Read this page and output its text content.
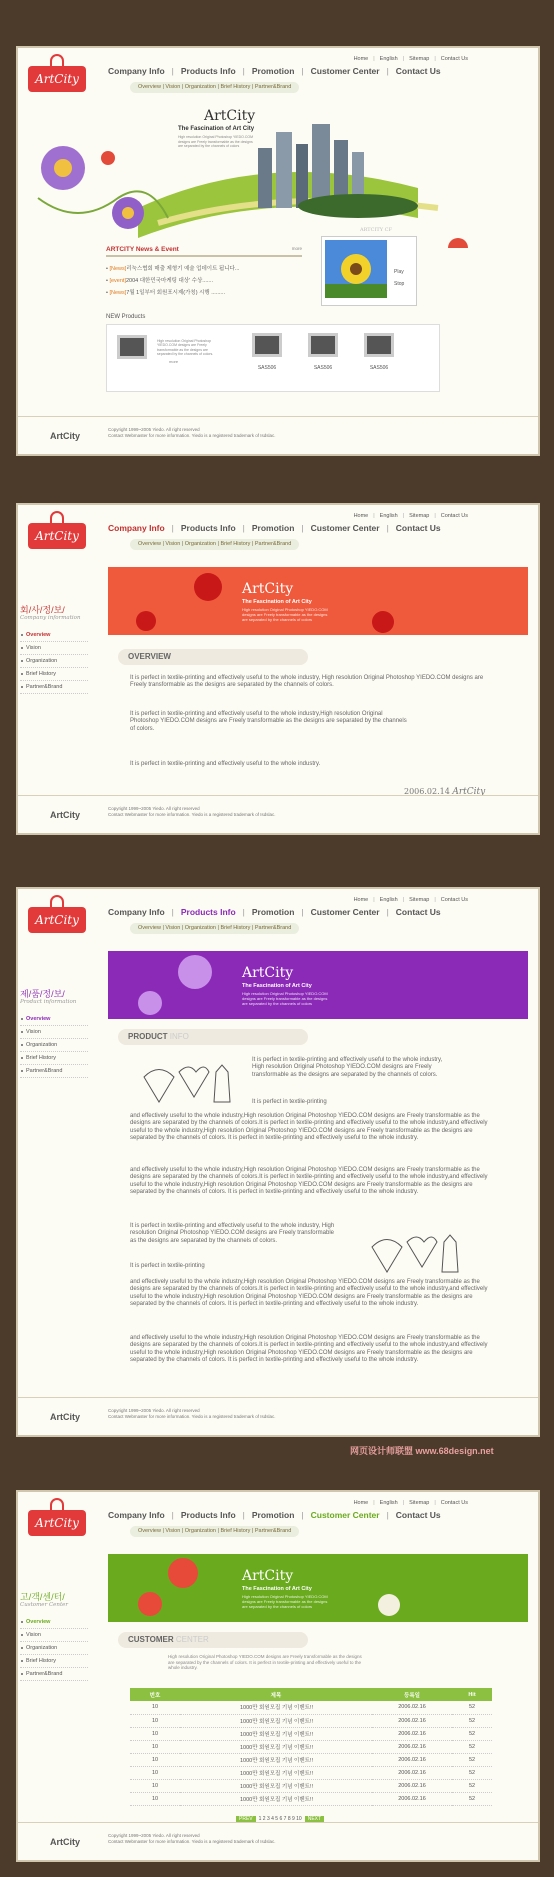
Home | English | Sitemap | Contact Us
ArtCity
Company Info | Products Info | Promotion | Customer Center | Contact Us
Overview | Vision | Organization | Brief History | Partner&Brand
ArtCity
The Fascination of Art City
High resolution Original Photoshop YIEDO.COM designs are Freely transformable as the designs are separated by the channels of colors
ARTCITY News & Event	more
• [News]리눅스협회 매출 제형기 예술 업데이트 됩니다...
• [event]2004 대한민국마케팅 대상' 수상.......
• [News]7월 1일부터 회원포시제(가칭) 시행 .........
ARTCITY CF
Play
Stop
NEW Products
High resolution Original Photoshop YIEDO.COM designs are Freely transformable as the designs are separated by the channels of colors.
more
SAS506	SAS506	SAS506
ArtCity
Copyright 1999~2005 Yiedo. All right reserved
Contact Webmaster for more information. Yiedo is a registered trademark of Isdslac.
Home | English | Sitemap | Contact Us
ArtCity
Company Info | Products Info | Promotion | Customer Center | Contact Us
Overview | Vision | Organization | Brief History | Partner&Brand
ArtCity
The Fascination of Art City
High resolution Original Photoshop YIEDO.COM designs are Freely transformable as the designs are separated by the channels of colors
회/사/정/보/
Company information
Overview
Vision
Organization
Brief History
Partner&Brand
OVERVIEW
It is perfect in textile-printing and effectively useful to the whole industry, High resolution Original Photoshop YIEDO.COM designs are Freely transformable as the designs are separated by the channels of colors.
It is perfect in textile-printing and effectively useful to the whole industry,High resolution Original Photoshop YIEDO.COM designs are Freely transformable as the designs are separated by the channels of colors.
It is perfect in textile-printing and effectively useful to the whole industry.
2006.02.14 ArtCity
ArtCity
Copyright 1999~2005 Yiedo. All right reserved
Contact Webmaster for more information. Yiedo is a registered trademark of Isdslac.
Home | English | Sitemap | Contact Us
ArtCity
Company Info | Products Info | Promotion | Customer Center | Contact Us
Overview | Vision | Organization | Brief History | Partner&Brand
ArtCity
The Fascination of Art City
High resolution Original Photoshop YIEDO.COM designs are Freely transformable as the designs are separated by the channels of colors
제/품/정/보/
Product information
Overview
Vision
Organization
Brief History
Partner&Brand
PRODUCT INFO
It is perfect in textile-printing and effectively useful to the whole industry, High resolution Original Photoshop YIEDO.COM designs are Freely transformable as the designs are separated by the channels of colors.
It is perfect in textile-printing
and effectively useful to the whole industry,High resolution Original Photoshop YIEDO.COM designs are Freely transformable as the designs are separated by the channels of colors.It is perfect in textile-printing and effectively useful to the whole industry,and effectively useful to the whole industry,High resolution Original Photoshop YIEDO.COM designs are Freely transformable as the designs are separated by the channels of colors. It is perfect in textile-printing and effectively useful to the whole industry.
and effectively useful to the whole industry,High resolution Original Photoshop YIEDO.COM designs are Freely transformable as the designs are separated by the channels of colors.It is perfect in textile-printing and effectively useful to the whole industry,and effectively useful to the whole industry,High resolution Original Photoshop YIEDO.COM designs are Freely transformable as the designs are separated by the channels of colors. It is perfect in textile-printing and effectively useful to the whole industry.
It is perfect in textile-printing and effectively useful to the whole industry, High resolution Original Photoshop YIEDO.COM designs are Freely transformable as the designs are separated by the channels of colors.
It is perfect in textile-printing
and effectively useful to the whole industry,High resolution Original Photoshop YIEDO.COM designs are Freely transformable as the designs are separated by the channels of colors.It is perfect in textile-printing and effectively useful to the whole industry,and effectively useful to the whole industry,High resolution Original Photoshop YIEDO.COM designs are Freely transformable as the designs are separated by the channels of colors. It is perfect in textile-printing and effectively useful to the whole industry.
and effectively useful to the whole industry,High resolution Original Photoshop YIEDO.COM designs are Freely transformable as the designs are separated by the channels of colors.It is perfect in textile-printing and effectively useful to the whole industry,and effectively useful to the whole industry,High resolution Original Photoshop YIEDO.COM designs are Freely transformable as the designs are separated by the channels of colors. It is perfect in textile-printing and effectively useful to the whole industry.
ArtCity
Copyright 1999~2005 Yiedo. All right reserved
Contact Webmaster for more information. Yiedo is a registered trademark of Isdslac.
网页设计师联盟 www.68design.net
Home | English | Sitemap | Contact Us
ArtCity
Company Info | Products Info | Promotion | Customer Center | Contact Us
Overview | Vision | Organization | Brief History | Partner&Brand
ArtCity
The Fascination of Art City
High resolution Original Photoshop YIEDO.COM designs are Freely transformable as the designs are separated by the channels of colors
고/객/센/터/
Customer Center
Overview
Vision
Organization
Brief History
Partner&Brand
CUSTOMER CENTER
High resolution Original Photoshop YIEDO.COM designs are Freely transformable as the designs are separated by the channels of colors. It is perfect in textile-printing and effectively useful to the whole industry.
번호	제목	등록일	Hit
10	1000만 회원모집 기념 이벤트!!	2006.02.16	52
10	1000만 회원모집 기념 이벤트!!	2006.02.16	52
10	1000만 회원모집 기념 이벤트!!	2006.02.16	52
10	1000만 회원모집 기념 이벤트!!	2006.02.16	52
10	1000만 회원모집 기념 이벤트!!	2006.02.16	52
10	1000만 회원모집 기념 이벤트!!	2006.02.16	52
10	1000만 회원모집 기념 이벤트!!	2006.02.16	52
10	1000만 회원모집 기념 이벤트!!	2006.02.16	52
PREV	1 2 3 4 5 6 7 8 9 10	NEXT
ArtCity
Copyright 1999~2005 Yiedo. All right reserved
Contact Webmaster for more information. Yiedo is a registered trademark of Isdslac.
